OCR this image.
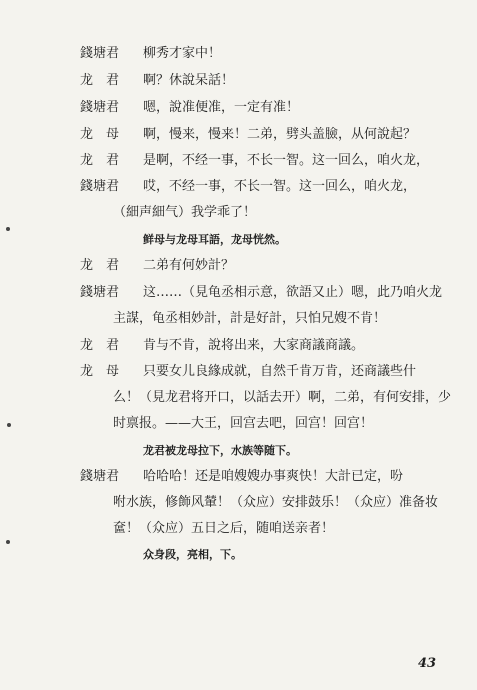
錢塘君 柳秀才家中！
龙　君 啊？休說呆話！
錢塘君 嗯，說准便准，一定有准！
龙　母 啊，慢来，慢来！二弟，劈头盖臉，从何說起？
龙　君 是啊，不经一事，不长一智。这一回么，咱火龙，
錢塘君 哎，不经一事，不长一智。这一回么，咱火龙，
（細声細气）我学乖了！
鲜母与龙母耳語，龙母恍然。
龙　君 二弟有何妙計？
錢塘君 这……（見龟丞相示意，欲語又止）嗯，此乃咱火龙
主謀，龟丞相妙計，計是好計，只怕兄嫂不肯！
龙　君 肯与不肯，說将出来，大家商議商議。
龙　母 只要女儿良緣成就，自然千肯万肯，还商議些什
么！（見龙君将开口，以話去开）啊，二弟，有何安排，少
时禀报。——大王，回宫去吧，回宫！回宫！
龙君被龙母拉下，水族等随下。
錢塘君 哈哈哈！还是咱嫂嫂办事爽快！大計已定，吩
咐水族，修飾风輦！（众应）安排鼓乐！（众应）准备妆
奩！（众应）五日之后，随咱送亲者！
众身段，亮相，下。
43
